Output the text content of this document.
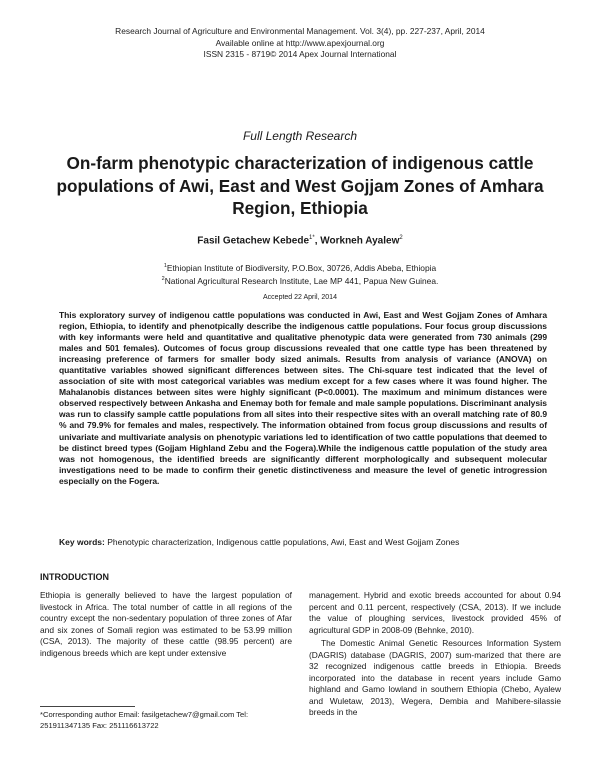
Research Journal of Agriculture and Environmental Management. Vol. 3(4), pp. 227-237, April, 2014
Available online at http://www.apexjournal.org
ISSN 2315 - 8719© 2014 Apex Journal International
Full Length Research
On-farm phenotypic characterization of indigenous cattle populations of Awi, East and West Gojjam Zones of Amhara Region, Ethiopia
Fasil Getachew Kebede$^{1*}$, Workneh Ayalew$^2$
$^1$Ethiopian Institute of Biodiversity, P.O.Box, 30726, Addis Abeba, Ethiopia
$^2$National Agricultural Research Institute, Lae MP 441, Papua New Guinea.
Accepted 22 April, 2014

This exploratory survey of indigenou cattle populations was conducted in Awi, East and West Gojjam Zones of Amhara region, Ethiopia, to identify and phenotpically describe the indigenous cattle populations. Four focus group discussions with key informants were held and quantitative and qualitative phenotypic data were generated from 730 animals (299 males and 501 females). Outcomes of focus group discussions revealed that one cattle type has been threatened by increasing preference of farmers for smaller body sized animals. Results from analysis of variance (ANOVA) on quantitative variables showed significant differences between sites. The Chi-square test indicated that the level of association of site with most categorical variables was medium except for a few cases where it was found higher. The Mahalanobis distances between sites were highly significant (P<0.0001). The maximum and minimum distances were observed respectively between Ankasha and Enemay both for female and male sample populations. Discriminant analysis was run to classify sample cattle populations from all sites into their respective sites with an overall matching rate of 80.9 % and 79.9% for females and males, respectively. The information obtained from focus group discussions and results of univariate and multivariate analysis on phenotypic variations led to identification of two cattle populations that deemed to be distinct breed types (Gojjam Highland Zebu and the Fogera).While the indigenous cattle population of the study area was not homogenous, the identified breeds are significantly different morphologically and subsequent molecular investigations need to be made to confirm their genetic distinctiveness and measure the level of genetic introgression especially on the Fogera.

Key words: Phenotypic characterization, Indigenous cattle populations, Awi, East and West Gojjam Zones
INTRODUCTION

Ethiopia is generally believed to have the largest population of livestock in Africa. The total number of cattle in all regions of the country except the non-sedentary population of three zones of Afar and six zones of Somali region was estimated to be 53.99 million (CSA, 2013). The majority of these cattle (98.95 percent) are indigenous breeds which are kept under extensive

management. Hybrid and exotic breeds accounted for about 0.94 percent and 0.11 percent, respectively (CSA, 2013). If we include the value of ploughing services, livestock provided 45% of agricultural GDP in 2008-09 (Behnke, 2010).

The Domestic Animal Genetic Resources Information System (DAGRIS) database (DAGRIS, 2007) sum-marized that there are 32 recognized indigenous cattle breeds in Ethiopia. Breeds incorporated into the database in recent years include Gamo highland and Gamo lowland in southern Ethiopia (Chebo, Ayalew and Wuletaw, 2013), Wegera, Dembia and Mahibere-silassie breeds in the

*Corresponding author Email: fasilgetachew7@gmail.com Tel: 251911347135 Fax: 251116613722
